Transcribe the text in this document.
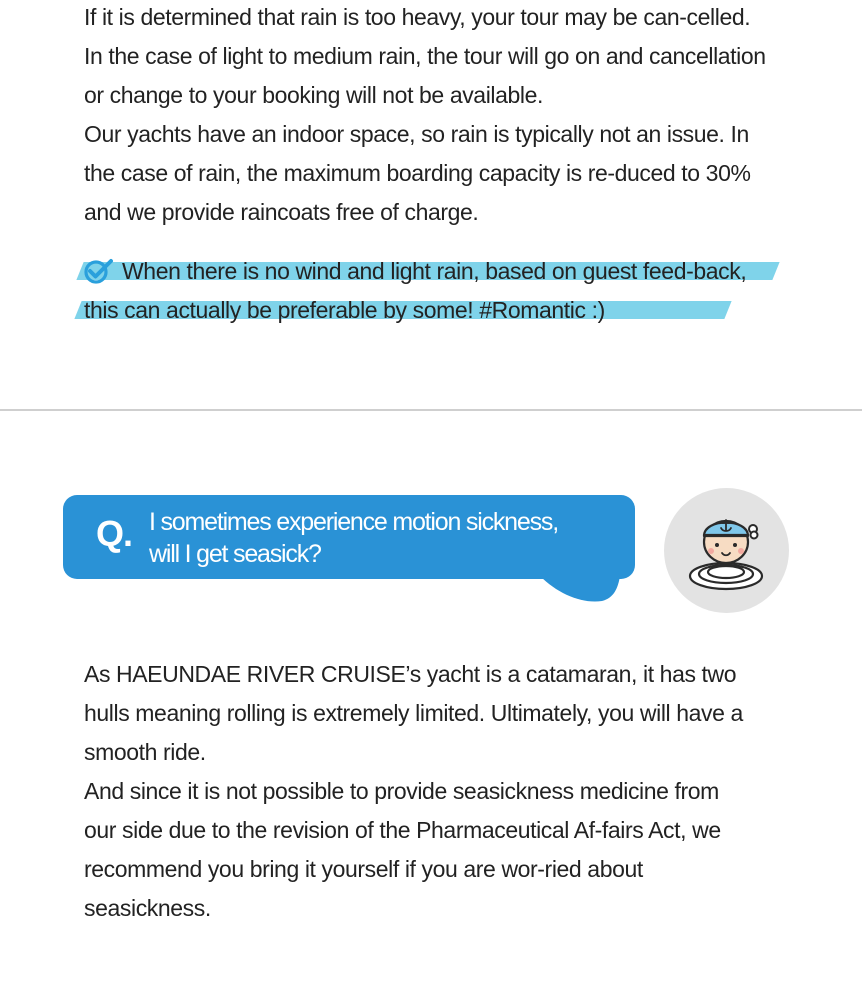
If it is determined that rain is too heavy, your tour may be can-celled. In the case of light to medium rain, the tour will go on and cancellation or change to your booking will not be available.

Our yachts have an indoor space, so rain is typically not an issue. In the case of rain, the maximum boarding capacity is re-duced to 30% and we provide raincoats free of charge.

When there is no wind and light rain, based on guest feed-back, this can actually be preferable by some! #Romantic :)
Q. I sometimes experience motion sickness,
will I get seasick?

As HAEUNDAE RIVER CRUISE’s yacht is a catamaran, it has two hulls meaning rolling is extremely limited. Ultimately, you will have a smooth ride.

And since it is not possible to provide seasickness medicine from our side due to the revision of the Pharmaceutical Af-fairs Act, we recommend you bring it yourself if you are wor-ried about seasickness.
